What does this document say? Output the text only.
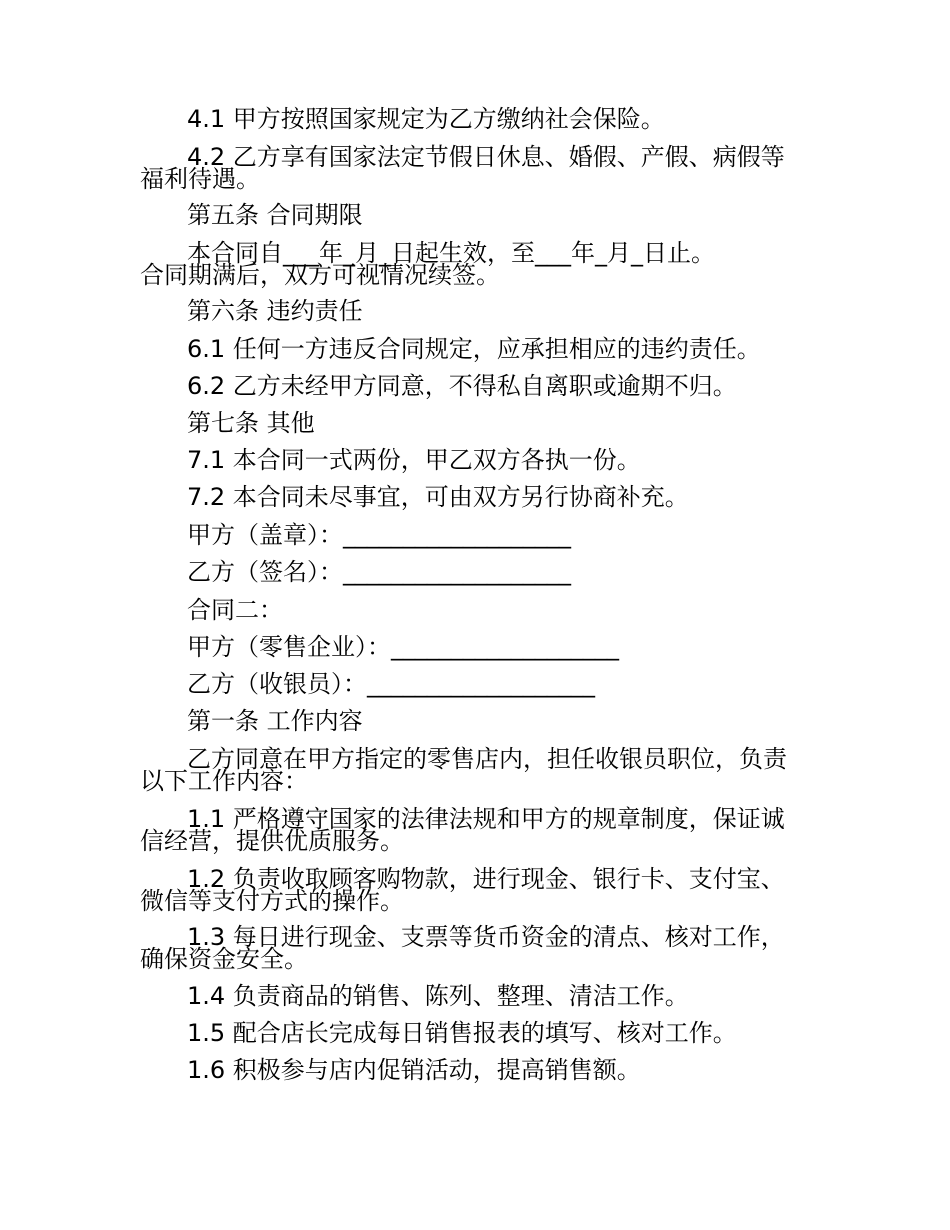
4.1 甲方按照国家规定为乙方缴纳社会保险。
4.2 乙方享有国家法定节假日休息、婚假、产假、病假等
福利待遇。
第五条 合同期限
本合同自___年_月_日起生效，至___年_月_日止。
合同期满后，双方可视情况续签。
第六条 违约责任
6.1 任何一方违反合同规定，应承担相应的违约责任。
6.2 乙方未经甲方同意，不得私自离职或逾期不归。
第七条 其他
7.1 本合同一式两份，甲乙双方各执一份。
7.2 本合同未尽事宜，可由双方另行协商补充。
甲方（盖章）：___________________
乙方（签名）：___________________
合同二：
甲方（零售企业）：___________________
乙方（收银员）：___________________
第一条 工作内容
乙方同意在甲方指定的零售店内，担任收银员职位，负责
以下工作内容：
1.1 严格遵守国家的法律法规和甲方的规章制度，保证诚
信经营，提供优质服务。
1.2 负责收取顾客购物款，进行现金、银行卡、支付宝、
微信等支付方式的操作。
1.3 每日进行现金、支票等货币资金的清点、核对工作，
确保资金安全。
1.4 负责商品的销售、陈列、整理、清洁工作。
1.5 配合店长完成每日销售报表的填写、核对工作。
1.6 积极参与店内促销活动，提高销售额。
